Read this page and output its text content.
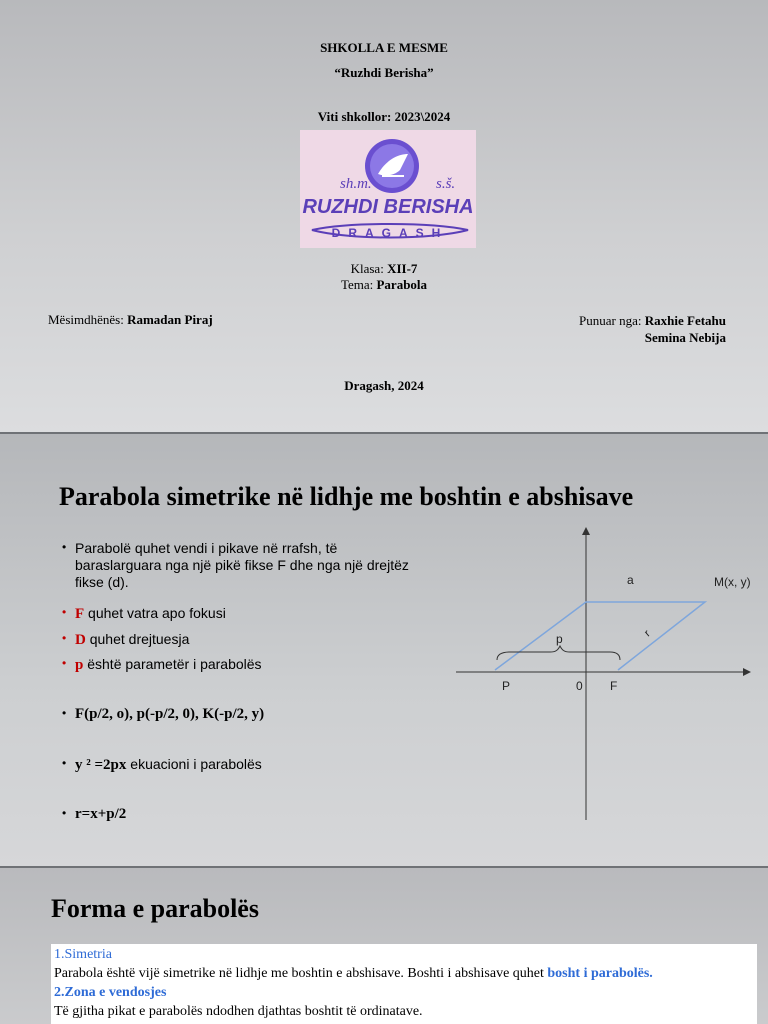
SHKOLLA E MESME
“Ruzhdi Berisha”
Viti shkollor: 2023\2024
sh.m.	s.š.
RUZHDI BERISHA
DRAGASH
Klasa: XII-7
Tema: Parabola
Mësimdhënës: Ramadan Piraj	Punuar nga: Raxhie Fetahu
Semina Nebija
Dragash, 2024
Parabola simetrike në lidhje me boshtin e abshisave
• Parabolë quhet vendi i pikave në rrafsh, të baraslarguara nga një pikë fikse F dhe nga një drejtëz fikse (d).
• F quhet vatra apo fokusi
• D quhet drejtuesja
• p është parametër i parabolës
• F(p/2, o), p(-p/2, 0), K(-p/2, y)
• y ² =2px ekuacioni i parabolës
• r=x+p/2
a	M(x, y)
p	r
P	0 F
Forma e parabolës
1.Simetria
Parabola është vijë simetrike në lidhje me boshtin e abshisave. Boshti i abshisave quhet bosht i parabolës.
2.Zona e vendosjes
Të gjitha pikat e parabolës ndodhen djathtas boshtit të ordinatave.
